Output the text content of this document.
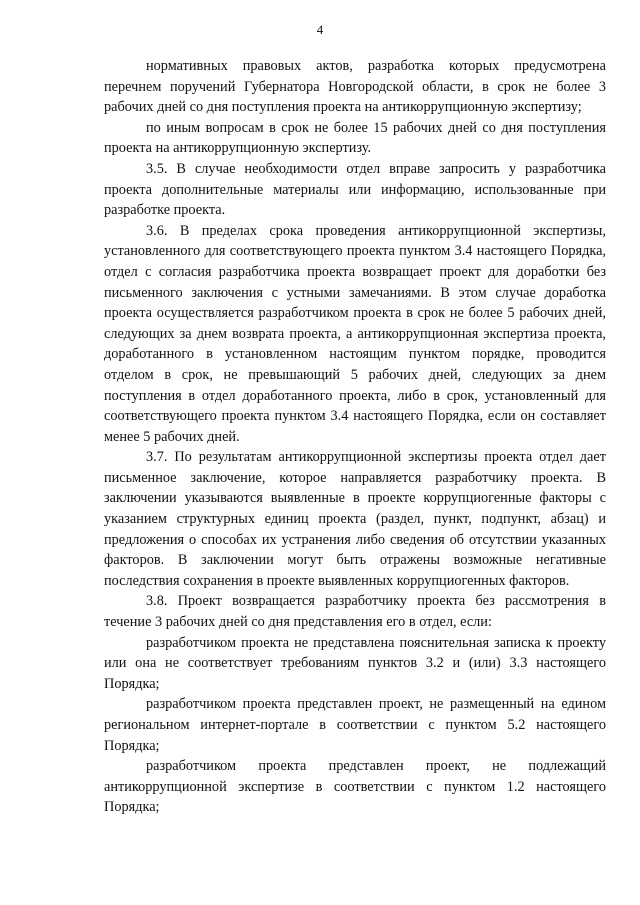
4

нормативных правовых актов, разработка которых предусмотрена перечнем поручений Губернатора Новгородской области, в срок не более 3 рабочих дней со дня поступления проекта на антикоррупционную экспертизу;

по иным вопросам в срок не более 15 рабочих дней со дня поступления проекта на антикоррупционную экспертизу.

3.5. В случае необходимости отдел вправе запросить у разработчика проекта дополнительные материалы или информацию, использованные при разработке проекта.

3.6. В пределах срока проведения антикоррупционной экспертизы, установленного для соответствующего проекта пунктом 3.4 настоящего Порядка, отдел с согласия разработчика проекта возвращает проект для доработки без письменного заключения с устными замечаниями. В этом случае доработка проекта осуществляется разработчиком проекта в срок не более 5 рабочих дней, следующих за днем возврата проекта, а антикоррупционная экспертиза проекта, доработанного в установленном настоящим пунктом порядке, проводится отделом в срок, не превышающий 5 рабочих дней, следующих за днем поступления в отдел доработанного проекта, либо в срок, установленный для соответствующего проекта пунктом 3.4 настоящего Порядка, если он составляет менее 5 рабочих дней.

3.7. По результатам антикоррупционной экспертизы проекта отдел дает письменное заключение, которое направляется разработчику проекта. В заключении указываются выявленные в проекте коррупциогенные факторы с указанием структурных единиц проекта (раздел, пункт, подпункт, абзац) и предложения о способах их устранения либо сведения об отсутствии указанных факторов. В заключении могут быть отражены возможные негативные последствия сохранения в проекте выявленных коррупциогенных факторов.

3.8. Проект возвращается разработчику проекта без рассмотрения в течение 3 рабочих дней со дня представления его в отдел, если:

разработчиком проекта не представлена пояснительная записка к проекту или она не соответствует требованиям пунктов 3.2 и (или) 3.3 настоящего Порядка;

разработчиком проекта представлен проект, не размещенный на едином региональном интернет-портале в соответствии с пунктом 5.2 настоящего Порядка;

разработчиком проекта представлен проект, не подлежащий антикоррупционной экспертизе в соответствии с пунктом 1.2 настоящего Порядка;
